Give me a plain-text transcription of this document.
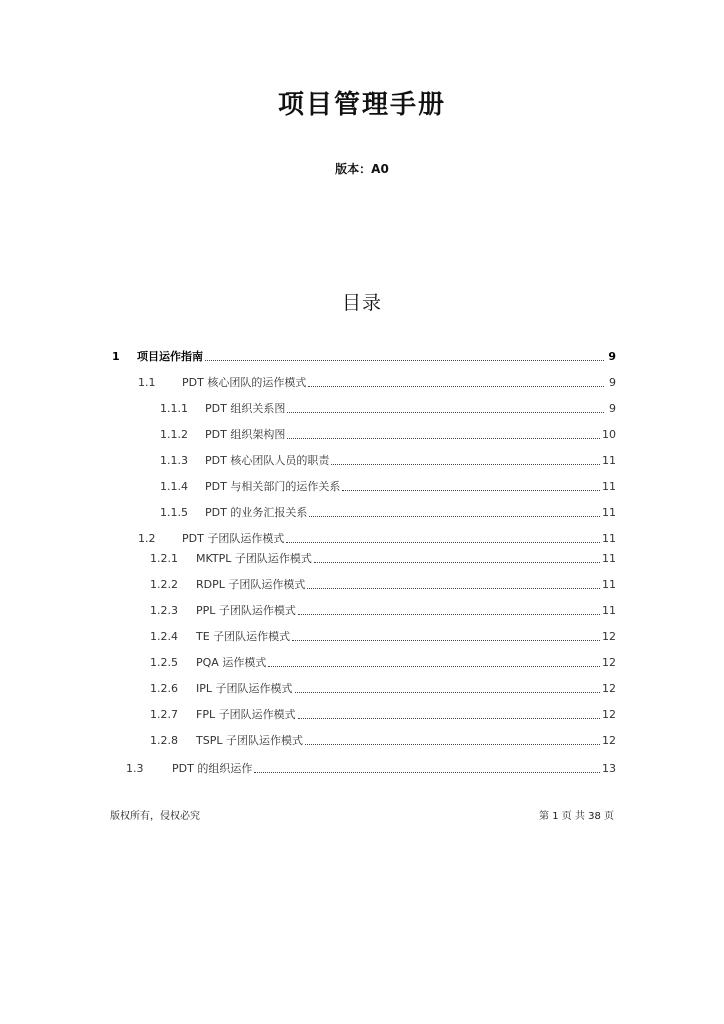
项目管理手册
版本：A0
目录
1	项目运作指南	9
1.1	PDT 核心团队的运作模式	9
1.1.1	PDT 组织关系图	9
1.1.2	PDT 组织架构图	10
1.1.3	PDT 核心团队人员的职责	11
1.1.4	PDT 与相关部门的运作关系	11
1.1.5	PDT 的业务汇报关系	11
1.2	PDT 子团队运作模式	11
1.2.1	MKTPL 子团队运作模式	11
1.2.2	RDPL 子团队运作模式	11
1.2.3	PPL 子团队运作模式	11
1.2.4	TE 子团队运作模式	12
1.2.5	PQA 运作模式	12
1.2.6	IPL 子团队运作模式	12
1.2.7	FPL 子团队运作模式	12
1.2.8	TSPL 子团队运作模式	12
1.3	PDT 的组织运作	13
版权所有，侵权必究	第 1 页 共 38 页
